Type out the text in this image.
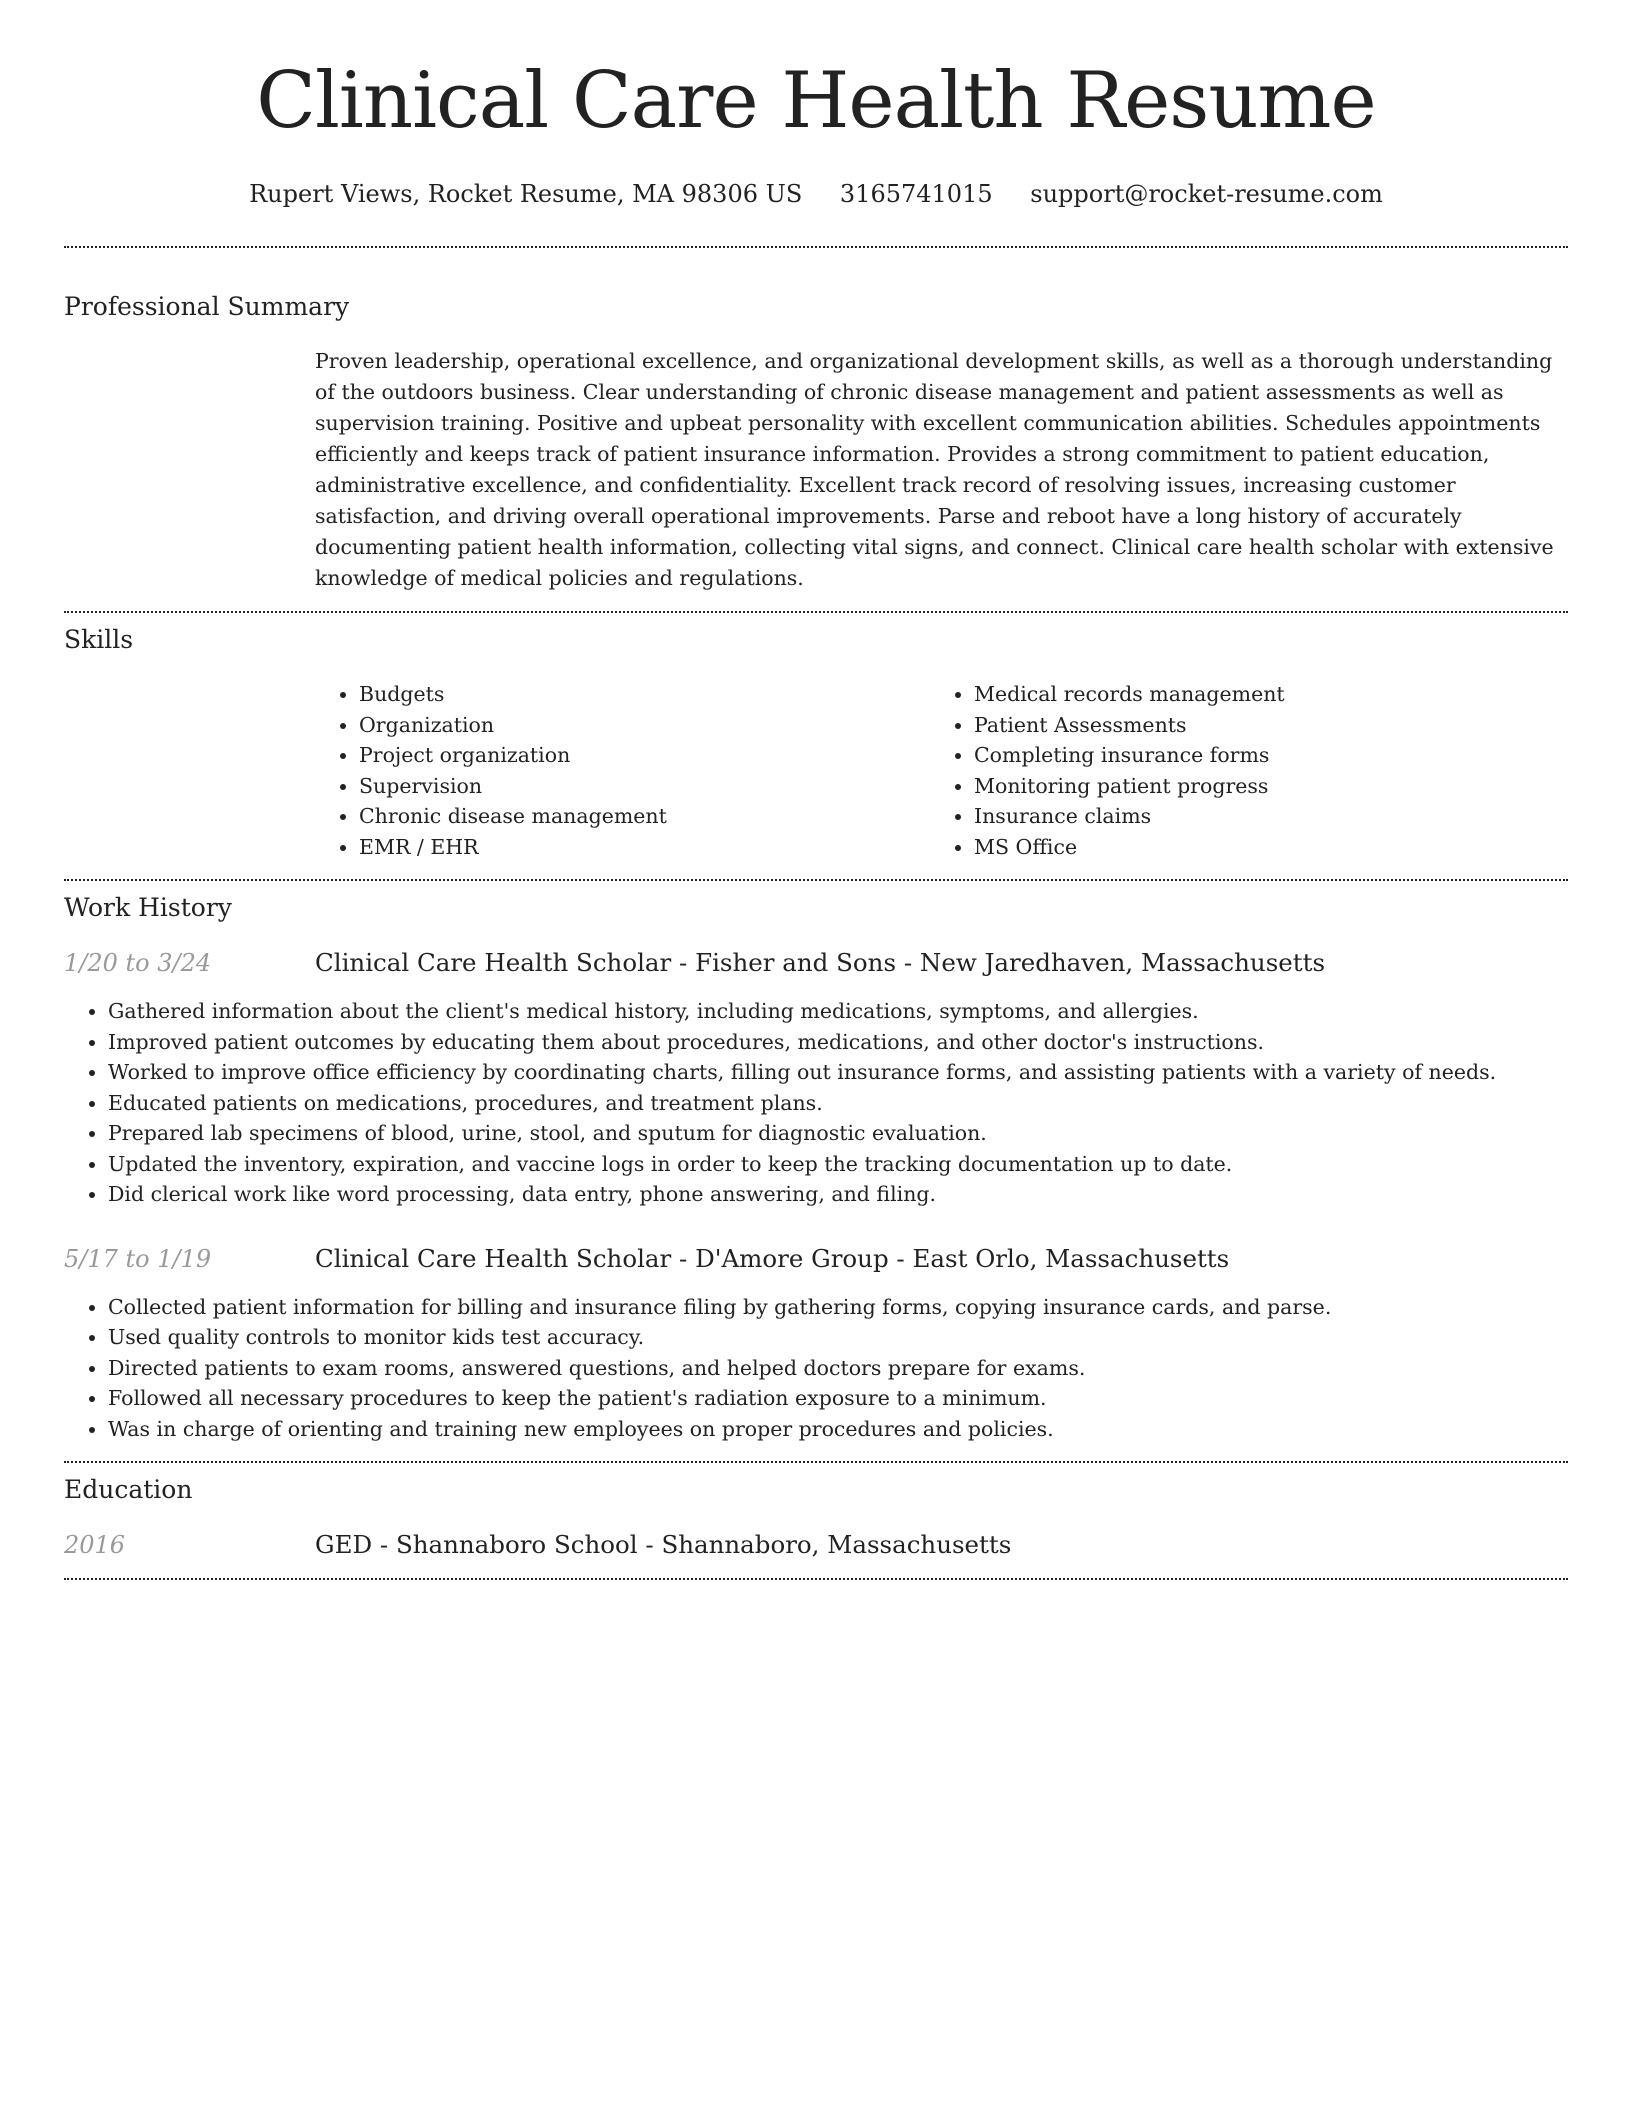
Clinical Care Health Resume
Rupert Views, Rocket Resume, MA 98306 US 3165741015 support@rocket-resume.com
Professional Summary
Proven leadership, operational excellence, and organizational development skills, as well as a thorough understanding of the outdoors business. Clear understanding of chronic disease management and patient assessments as well as supervision training. Positive and upbeat personality with excellent communication abilities. Schedules appointments efficiently and keeps track of patient insurance information. Provides a strong commitment to patient education, administrative excellence, and confidentiality. Excellent track record of resolving issues, increasing customer satisfaction, and driving overall operational improvements. Parse and reboot have a long history of accurately documenting patient health information, collecting vital signs, and connect. Clinical care health scholar with extensive knowledge of medical policies and regulations.
Skills
• Budgets
• Organization
• Project organization
• Supervision
• Chronic disease management
• EMR / EHR
• Medical records management
• Patient Assessments
• Completing insurance forms
• Monitoring patient progress
• Insurance claims
• MS Office
Work History
1/20 to 3/24	Clinical Care Health Scholar - Fisher and Sons - New Jaredhaven, Massachusetts
• Gathered information about the client's medical history, including medications, symptoms, and allergies.
• Improved patient outcomes by educating them about procedures, medications, and other doctor's instructions.
• Worked to improve office efficiency by coordinating charts, filling out insurance forms, and assisting patients with a variety of needs.
• Educated patients on medications, procedures, and treatment plans.
• Prepared lab specimens of blood, urine, stool, and sputum for diagnostic evaluation.
• Updated the inventory, expiration, and vaccine logs in order to keep the tracking documentation up to date.
• Did clerical work like word processing, data entry, phone answering, and filing.
5/17 to 1/19	Clinical Care Health Scholar - D'Amore Group - East Orlo, Massachusetts
• Collected patient information for billing and insurance filing by gathering forms, copying insurance cards, and parse.
• Used quality controls to monitor kids test accuracy.
• Directed patients to exam rooms, answered questions, and helped doctors prepare for exams.
• Followed all necessary procedures to keep the patient's radiation exposure to a minimum.
• Was in charge of orienting and training new employees on proper procedures and policies.
Education
2016	GED - Shannaboro School - Shannaboro, Massachusetts
